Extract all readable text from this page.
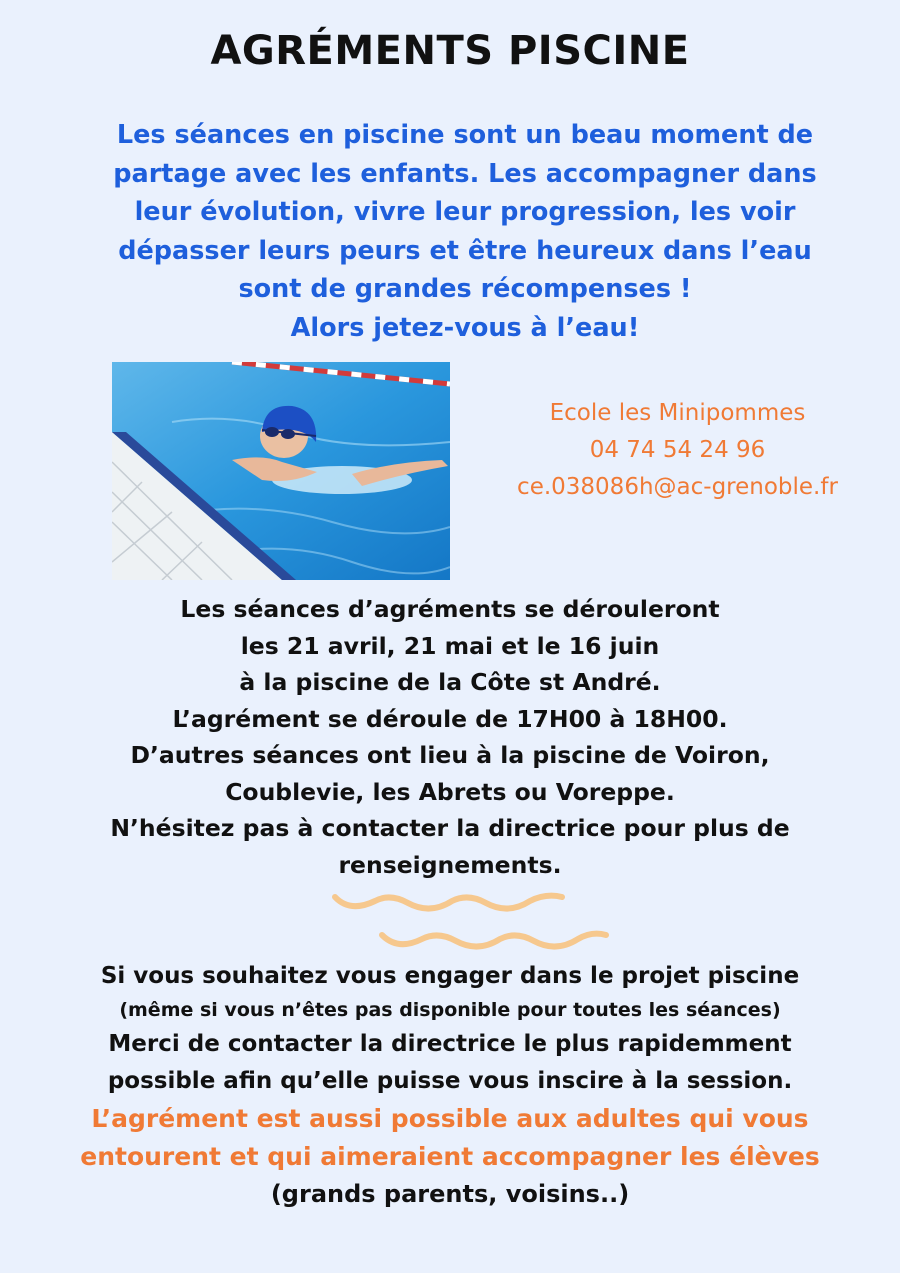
AGRÉMENTS PISCINE
Les séances en piscine sont un beau moment de
partage avec les enfants. Les accompagner dans
leur évolution, vivre leur progression, les voir
dépasser leurs peurs et être heureux dans l’eau
sont de grandes récompenses !
Alors jetez-vous à l’eau!
Ecole les Minipommes
04 74 54 24 96
ce.038086h@ac-grenoble.fr
Les séances d’agréments se dérouleront
les 21 avril, 21 mai et le 16 juin
à la piscine de la Côte st André.
L’agrément se déroule de 17H00 à 18H00.
D’autres séances ont lieu à la piscine de Voiron,
Coublevie, les Abrets ou Voreppe.
N’hésitez pas à contacter la directrice pour plus de
renseignements.
Si vous souhaitez vous engager dans le projet piscine
(même si vous n’êtes pas disponible pour toutes les séances)
Merci de contacter la directrice le plus rapidemment
possible afin qu’elle puisse vous inscire à la session.
L’agrément est aussi possible aux adultes qui vous
entourent et qui aimeraient accompagner les élèves
(grands parents, voisins..)
